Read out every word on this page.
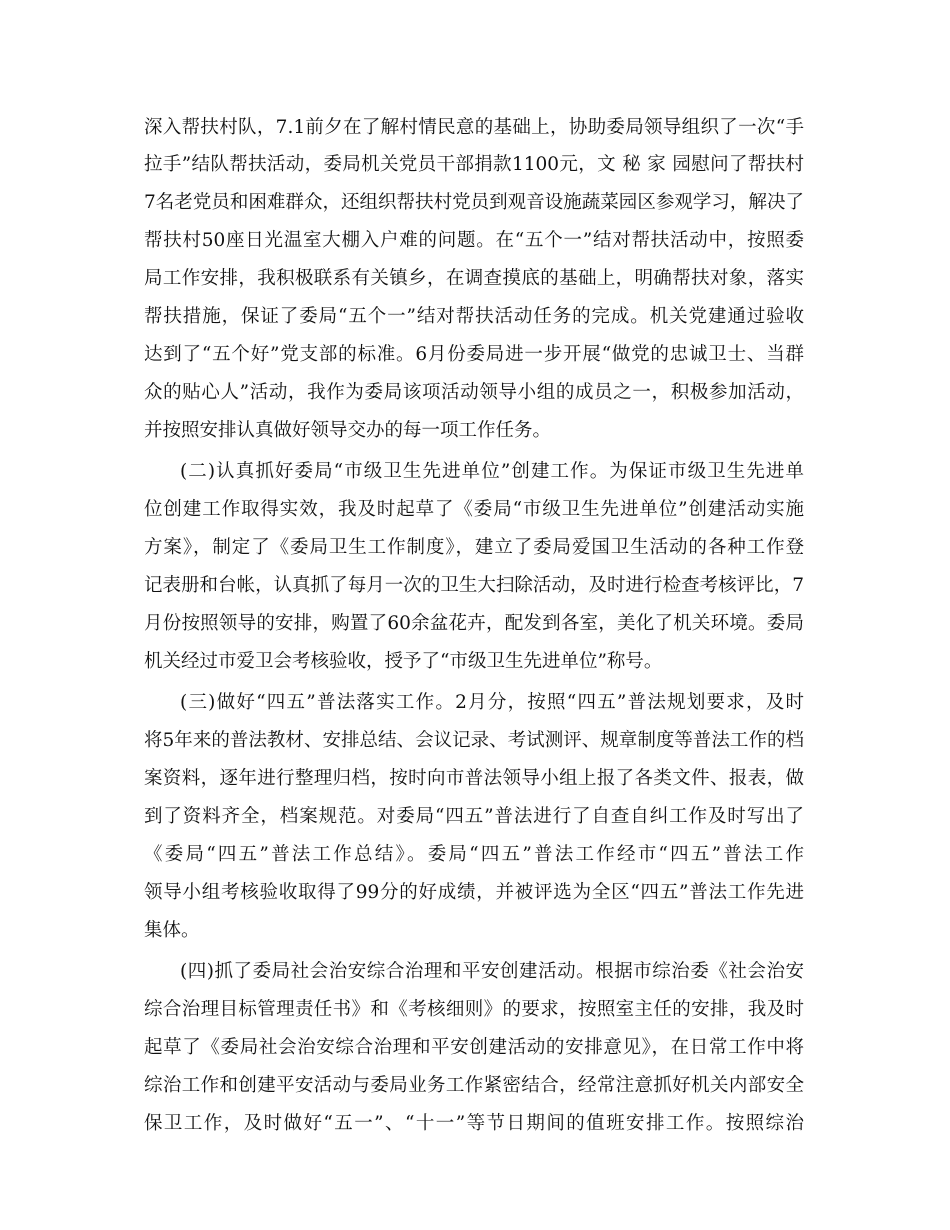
深入帮扶村队，7.1前夕在了解村情民意的基础上，协助委局领导组织了一次“手
拉手”结队帮扶活动，委局机关党员干部捐款1100元，文 秘 家 园慰问了帮扶村
7名老党员和困难群众，还组织帮扶村党员到观音设施蔬菜园区参观学习，解决了
帮扶村50座日光温室大棚入户难的问题。在“五个一”结对帮扶活动中，按照委
局工作安排，我积极联系有关镇乡，在调查摸底的基础上，明确帮扶对象，落实
帮扶措施，保证了委局“五个一”结对帮扶活动任务的完成。机关党建通过验收
达到了“五个好”党支部的标准。6月份委局进一步开展“做党的忠诚卫士、当群
众的贴心人”活动，我作为委局该项活动领导小组的成员之一，积极参加活动，
并按照安排认真做好领导交办的每一项工作任务。
(二)认真抓好委局“市级卫生先进单位”创建工作。为保证市级卫生先进单
位创建工作取得实效，我及时起草了《委局“市级卫生先进单位”创建活动实施
方案》，制定了《委局卫生工作制度》，建立了委局爱国卫生活动的各种工作登
记表册和台帐，认真抓了每月一次的卫生大扫除活动，及时进行检查考核评比，7
月份按照领导的安排，购置了60余盆花卉，配发到各室，美化了机关环境。委局
机关经过市爱卫会考核验收，授予了“市级卫生先进单位”称号。
(三)做好“四五”普法落实工作。2月分，按照“四五”普法规划要求，及时
将5年来的普法教材、安排总结、会议记录、考试测评、规章制度等普法工作的档
案资料，逐年进行整理归档，按时向市普法领导小组上报了各类文件、报表，做
到了资料齐全，档案规范。对委局“四五”普法进行了自查自纠工作及时写出了
《委局“四五”普法工作总结》。委局“四五”普法工作经市“四五”普法工作
领导小组考核验收取得了99分的好成绩，并被评选为全区“四五”普法工作先进
集体。
(四)抓了委局社会治安综合治理和平安创建活动。根据市综治委《社会治安
综合治理目标管理责任书》和《考核细则》的要求，按照室主任的安排，我及时
起草了《委局社会治安综合治理和平安创建活动的安排意见》，在日常工作中将
综治工作和创建平安活动与委局业务工作紧密结合，经常注意抓好机关内部安全
保卫工作，及时做好“五一”、“十一”等节日期间的值班安排工作。按照综治
